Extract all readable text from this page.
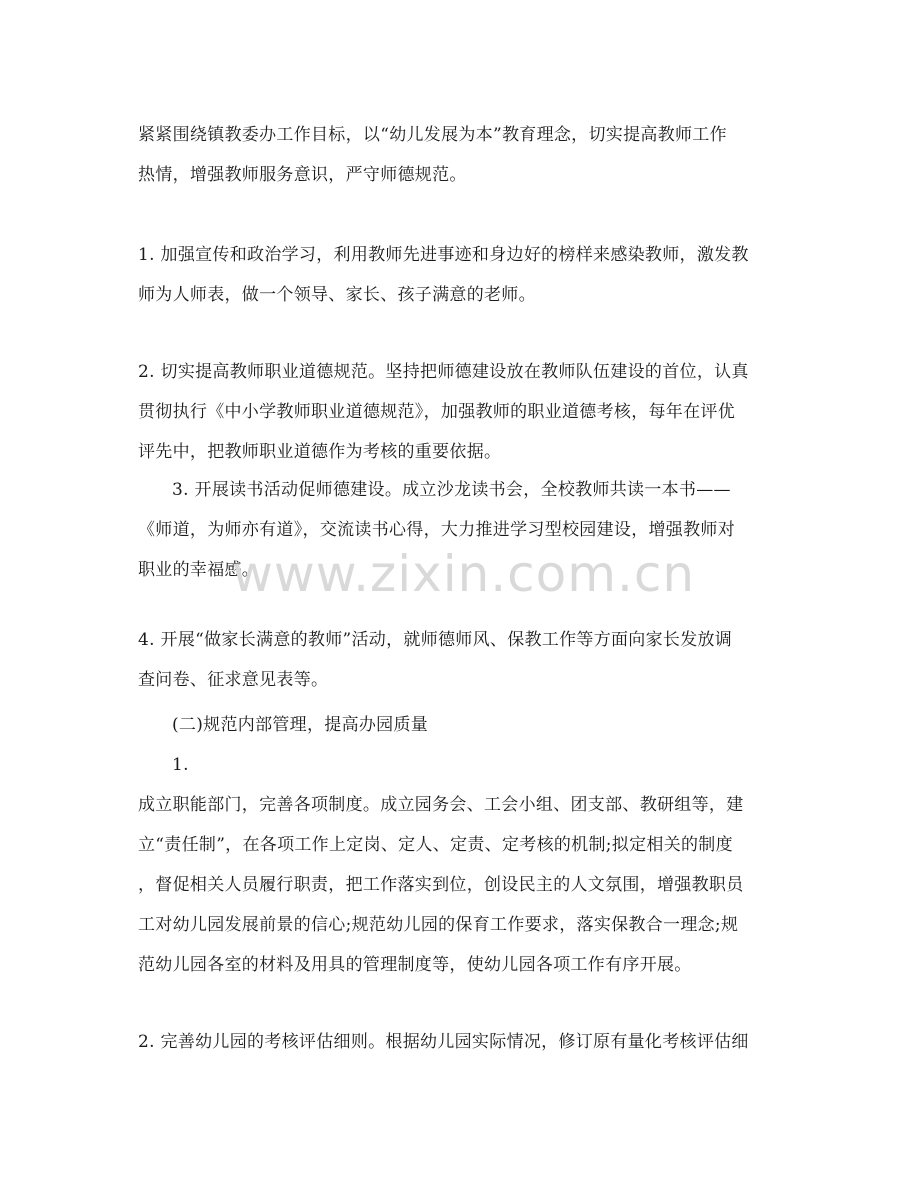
紧紧围绕镇教委办工作目标，以“幼儿发展为本”教育理念，切实提高教师工作
热情，增强教师服务意识，严守师德规范。
1. 加强宣传和政治学习，利用教师先进事迹和身边好的榜样来感染教师，激发教
师为人师表，做一个领导、家长、孩子满意的老师。
2. 切实提高教师职业道德规范。坚持把师德建设放在教师队伍建设的首位，认真
贯彻执行《中小学教师职业道德规范》，加强教师的职业道德考核，每年在评优
评先中，把教师职业道德作为考核的重要依据。
3. 开展读书活动促师德建设。成立沙龙读书会，全校教师共读一本书——
《师道，为师亦有道》，交流读书心得，大力推进学习型校园建设，增强教师对
职业的幸福感。
4. 开展“做家长满意的教师”活动，就师德师风、保教工作等方面向家长发放调
查问卷、征求意见表等。
(二)规范内部管理，提高办园质量
1.
成立职能部门，完善各项制度。成立园务会、工会小组、团支部、教研组等，建
立“责任制”，在各项工作上定岗、定人、定责、定考核的机制;拟定相关的制度
，督促相关人员履行职责，把工作落实到位，创设民主的人文氛围，增强教职员
工对幼儿园发展前景的信心;规范幼儿园的保育工作要求，落实保教合一理念;规
范幼儿园各室的材料及用具的管理制度等，使幼儿园各项工作有序开展。
2. 完善幼儿园的考核评估细则。根据幼儿园实际情况，修订原有量化考核评估细
www.zixin.com.cn
